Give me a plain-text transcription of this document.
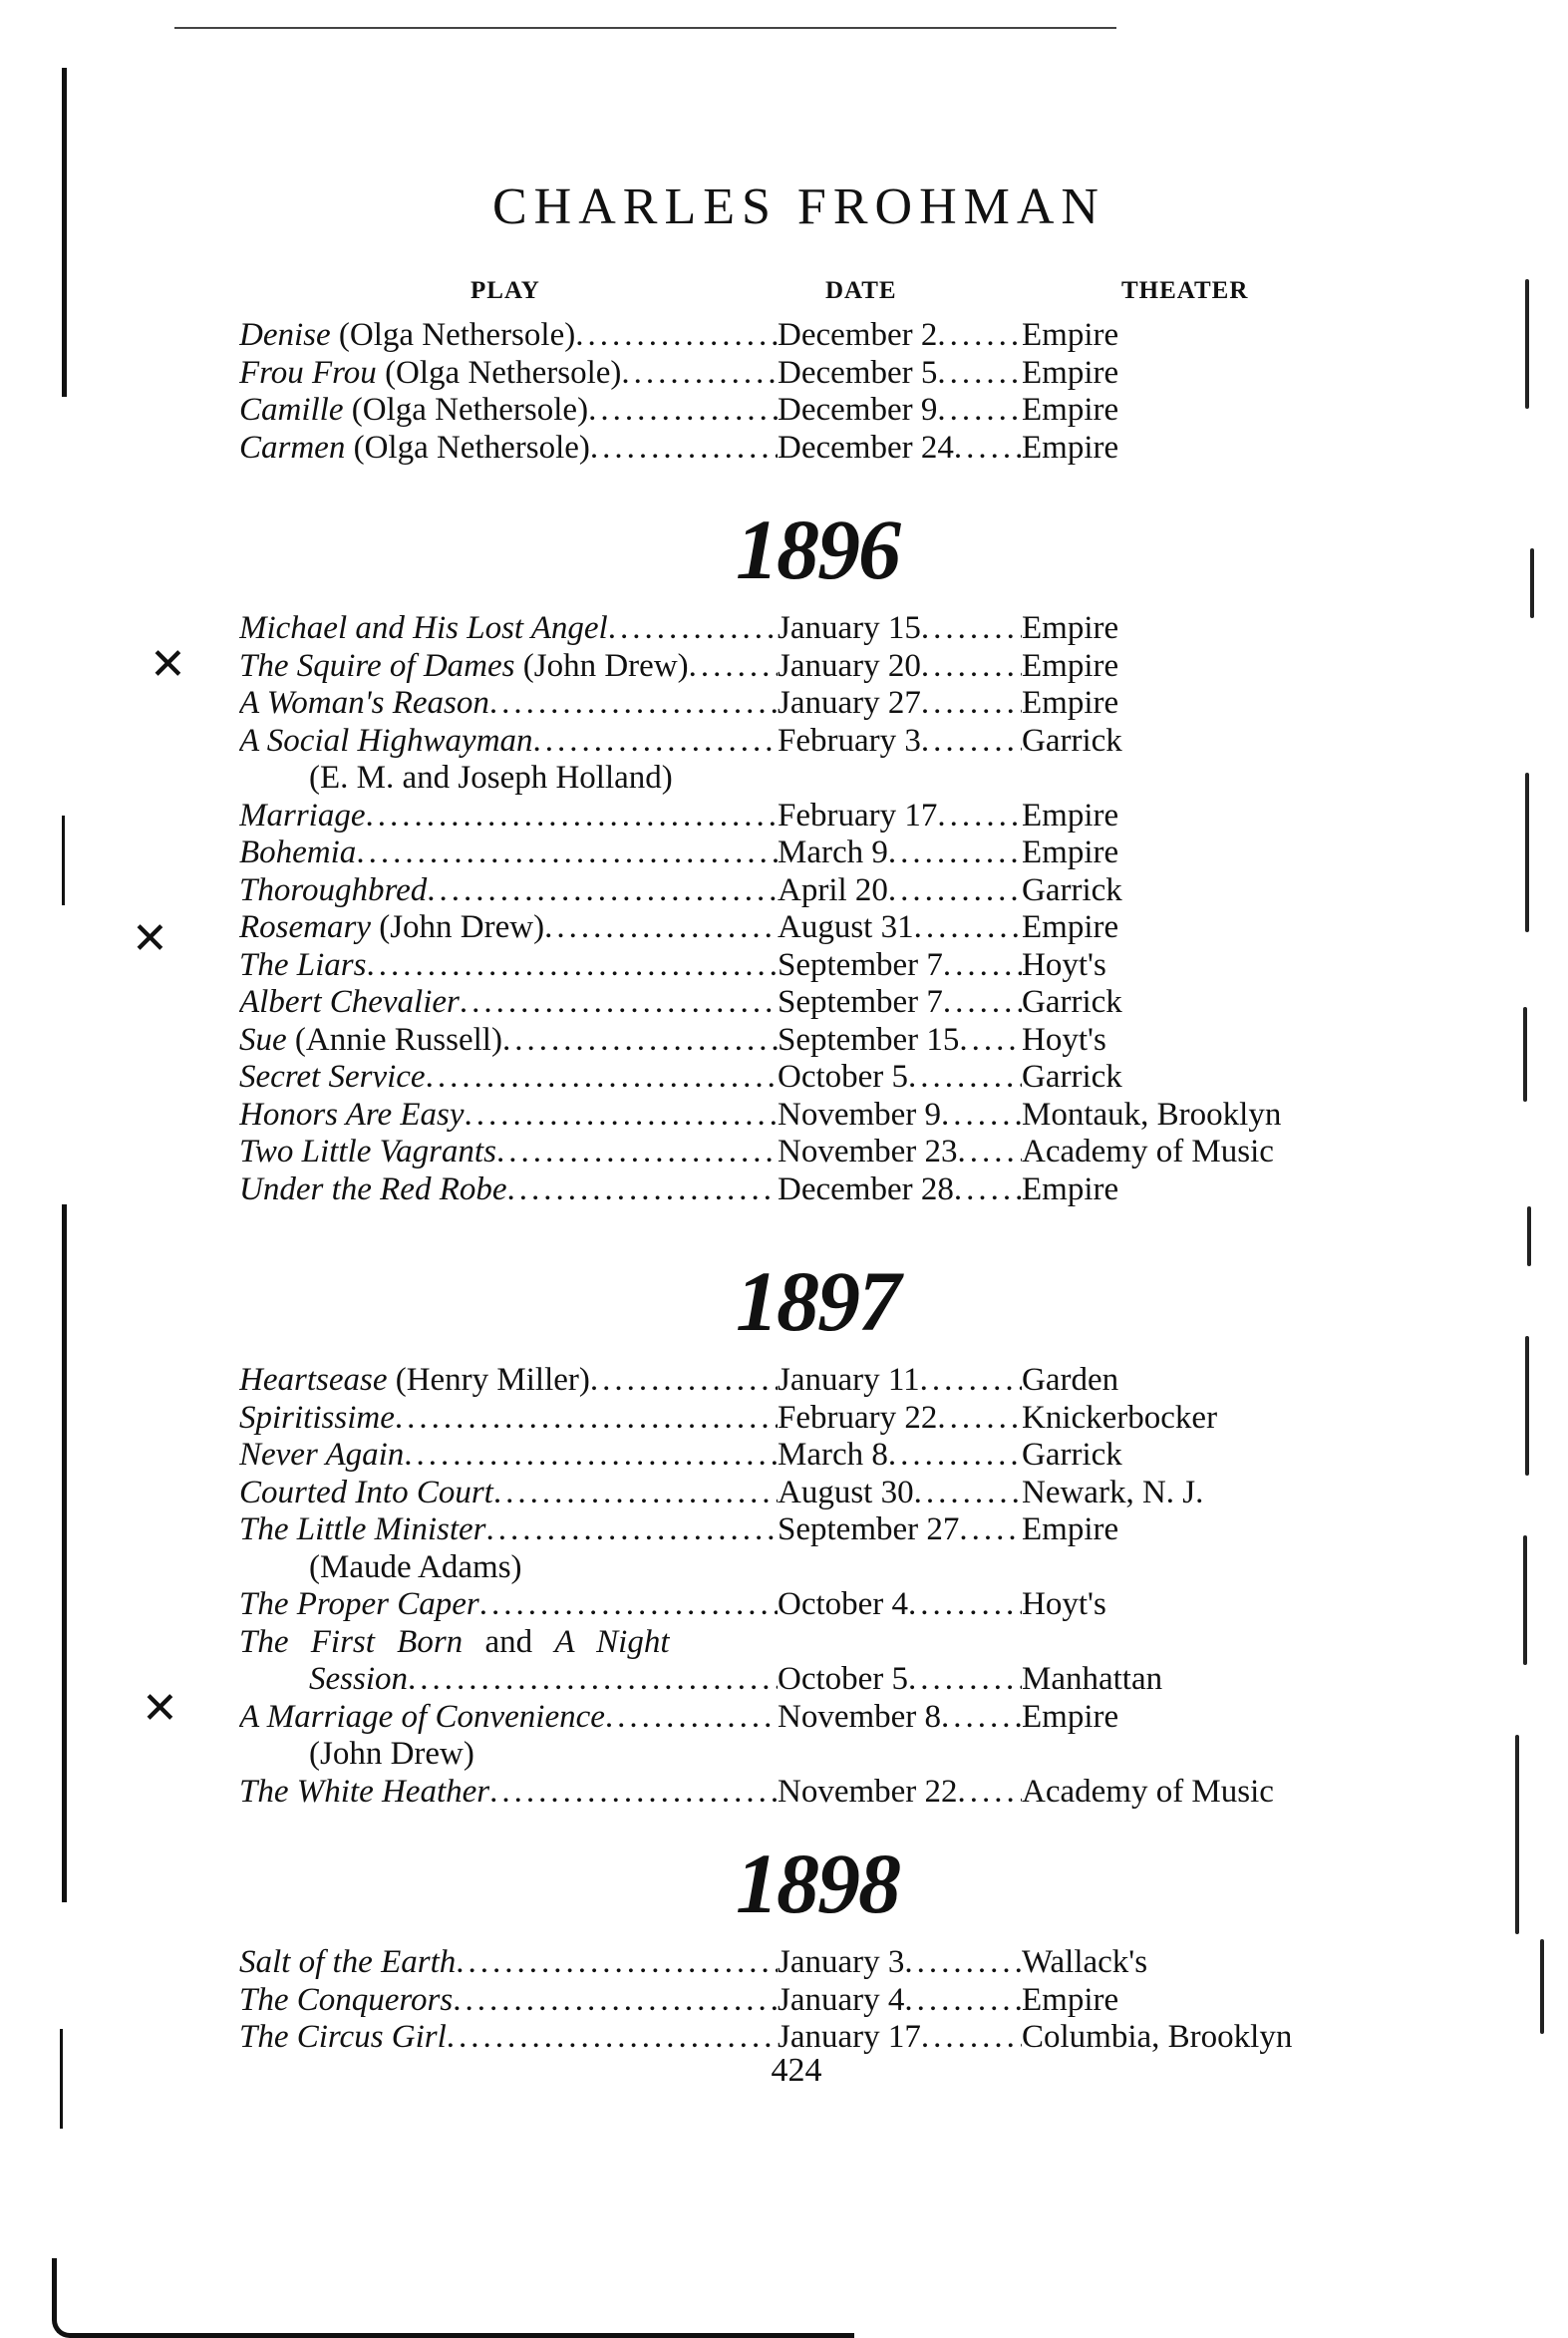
✕
✕
✕
CHARLES FROHMAN
PLAY	DATE	THEATER
Denise (Olga Nethersole) .....	December 2 .....	Empire
Frou Frou (Olga Nethersole) .....	December 5 .....	Empire
Camille (Olga Nethersole) .....	December 9 .....	Empire
Carmen (Olga Nethersole) .....	December 24 ..... Empire
1896
Michael and His Lost Angel .....	January 15 .....	Empire
The Squire of Dames (John Drew) .....	January 20 .....	Empire
A Woman's Reason .....	January 27 .....	Empire
A Social Highwayman .....	February 3 .....	Garrick
(E. M. and Joseph Holland)
Marriage .....	February 17 .....	Empire
Bohemia .....	March 9 .....	Empire
Thoroughbred .....	April 20 .....	Garrick
Rosemary (John Drew) .....	August 31 .....	Empire
The Liars .....	September 7 ..... Hoyt's
Albert Chevalier .....	September 7 ..... Garrick
Sue (Annie Russell) .....	September 15 ..... Hoyt's
Secret Service .....	October 5 .....	Garrick
Honors Are Easy .....	November 9 ..... Montauk, Brooklyn
Two Little Vagrants .....	November 23 ..... Academy of Music
Under the Red Robe .....	December 28 ..... Empire
1897
Heartsease (Henry Miller) .....	January 11 .....	Garden
Spiritissime .....	February 22 .....	Knickerbocker
Never Again .....	March 8 .....	Garrick
Courted Into Court .....	August 30 .....	Newark, N. J.
The Little Minister .....	September 27 ..... Empire
(Maude Adams)
The Proper Caper .....	October 4 .....	Hoyt's
The First Born and A Night
Session .....	October 5 .....	Manhattan
A Marriage of Convenience .....	November 8 ..... Empire
(John Drew)
The White Heather .....	November 22 ..... Academy of Music
1898
Salt of the Earth .....	January 3 .....	Wallack's
The Conquerors .....	January 4 .....	Empire
The Circus Girl .....	January 17 .....	Columbia, Brooklyn
424
